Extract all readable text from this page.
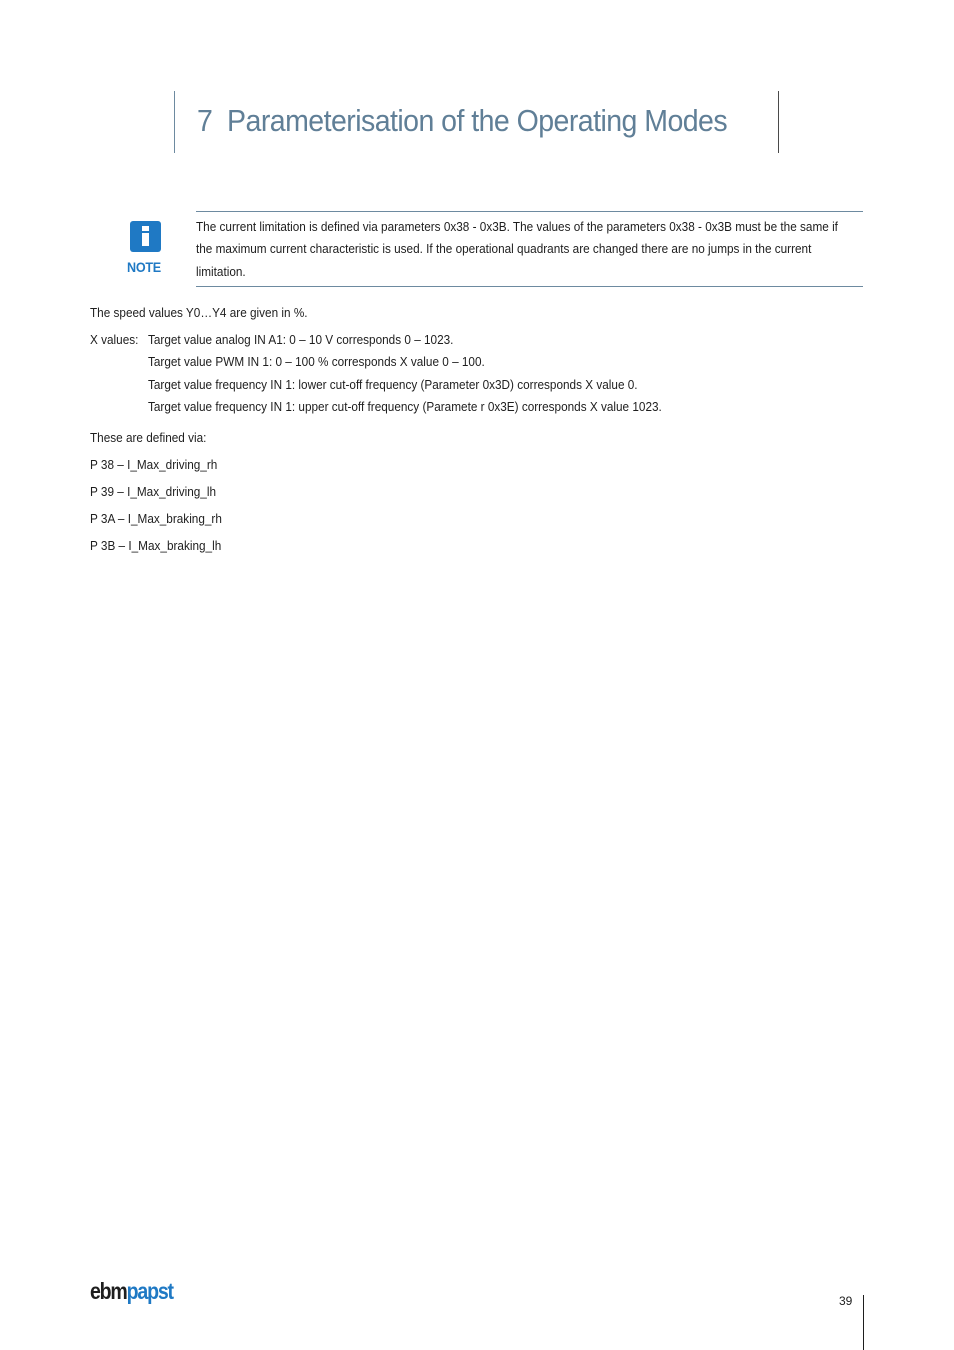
7 Parameterisation of the Operating Modes
NOTE
The current limitation is defined via parameters 0x38 - 0x3B. The values of the parameters 0x38 - 0x3B must be the same if the maximum current characteristic is used. If the operational quadrants are changed there are no jumps in the current limitation.
The speed values Y0…Y4 are given in %.
X values: Target value analog IN A1: 0 – 10 V corresponds 0 – 1023.
Target value PWM IN 1: 0 – 100 % corresponds X value 0 – 100.
Target value frequency IN 1: lower cut-off frequency (Parameter 0x3D) corresponds X value 0.
Target value frequency IN 1: upper cut-off frequency (Paramete r 0x3E) corresponds X value 1023.
These are defined via:
P 38 – I_Max_driving_rh
P 39 – I_Max_driving_lh
P 3A – I_Max_braking_rh
P 3B – I_Max_braking_lh
ebmpapst	39
